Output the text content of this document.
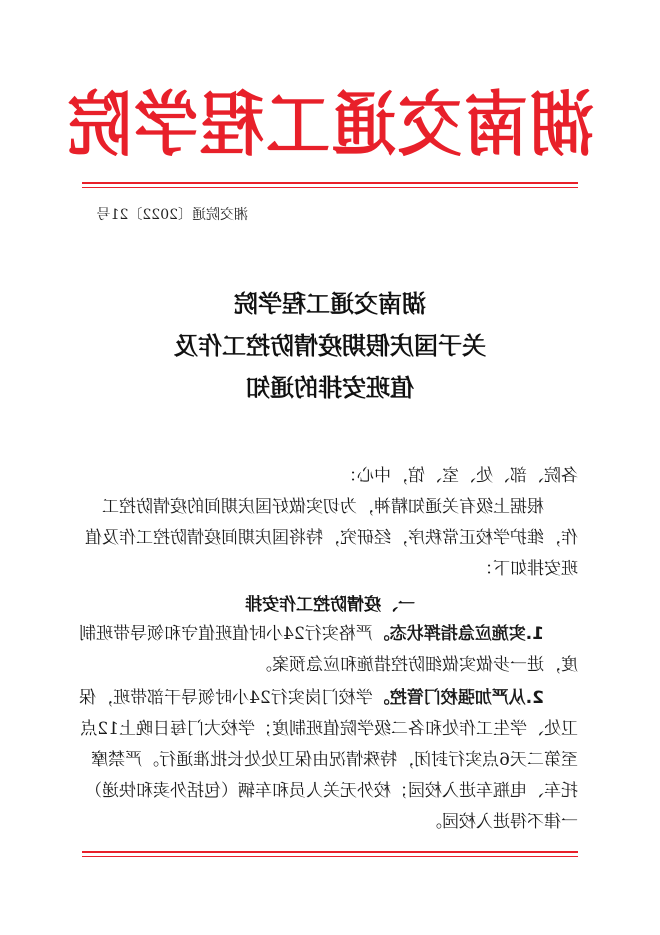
湖南交通工程学院
湘交院通〔2022〕21号
湖南交通工程学院
关于国庆假期疫情防控工作及
值班安排的通知
各院、部、处、室、馆，中心：
根据上级有关通知精神，为切实做好国庆期间的疫情防控工作，维护学校正常秩序，经研究，特将国庆期间疫情防控工作及值班安排如下：
一、疫情防控工作安排
1.实施应急指挥状态。严格实行24小时值班值守和领导带班制度，进一步做实做细防控措施和应急预案。
2.从严加强校门管控。学校门岗实行24小时领导干部带班，保卫处、学生工作处和各二级学院值班制度；学校大门每日晚上12点至第二天6点实行封闭，特殊情况由保卫处处长批准通行。严禁摩托车、电瓶车进入校园；校外无关人员和车辆（包括外卖和快递）一律不得进入校园。
